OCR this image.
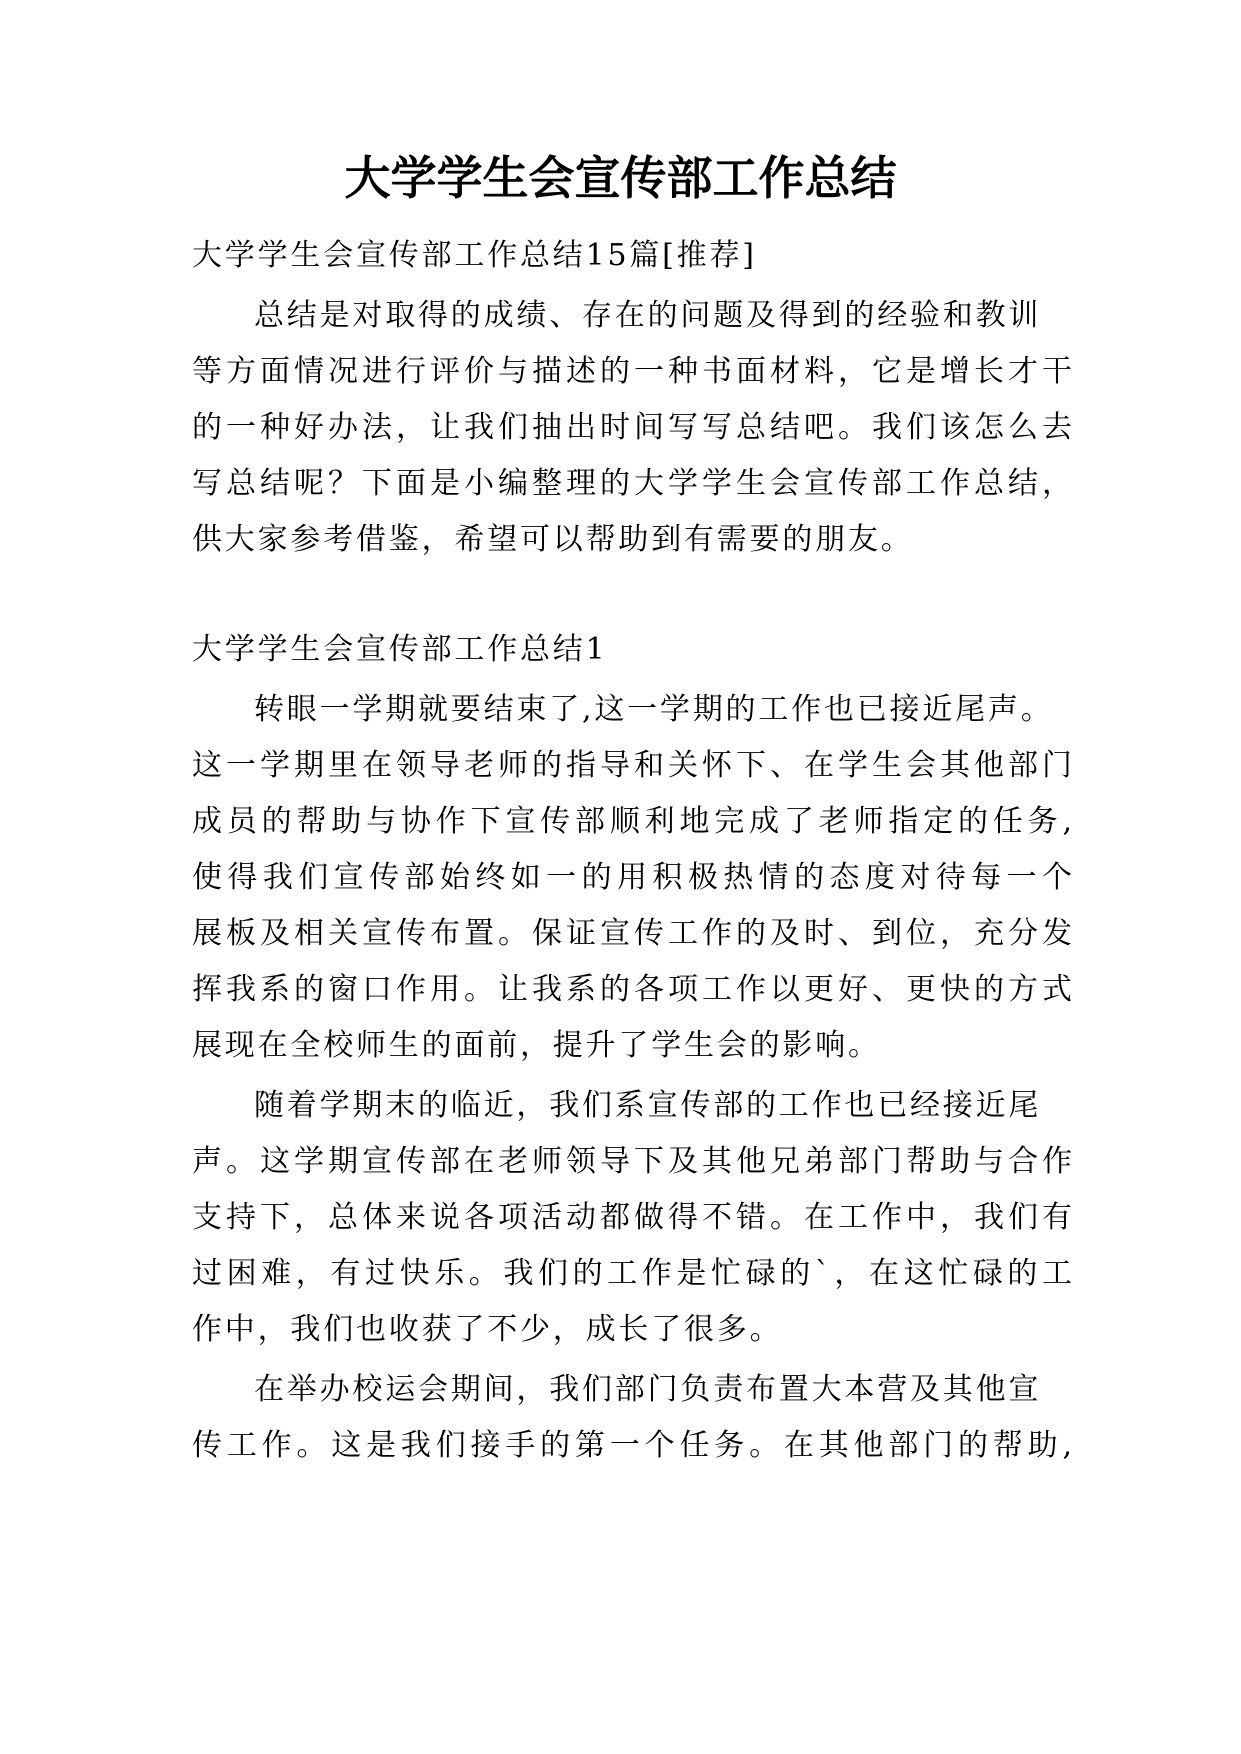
大学学生会宣传部工作总结

大学学生会宣传部工作总结15篇[推荐]

总结是对取得的成绩、存在的问题及得到的经验和教训

等方面情况进行评价与描述的一种书面材料，它是增长才干

的一种好办法，让我们抽出时间写写总结吧。我们该怎么去

写总结呢？下面是小编整理的大学学生会宣传部工作总结，

供大家参考借鉴，希望可以帮助到有需要的朋友。

大学学生会宣传部工作总结1

转眼一学期就要结束了,这一学期的工作也已接近尾声。

这一学期里在领导老师的指导和关怀下、在学生会其他部门

成员的帮助与协作下宣传部顺利地完成了老师指定的任务,

使得我们宣传部始终如一的用积极热情的态度对待每一个

展板及相关宣传布置。保证宣传工作的及时、到位，充分发

挥我系的窗口作用。让我系的各项工作以更好、更快的方式

展现在全校师生的面前，提升了学生会的影响。

随着学期末的临近，我们系宣传部的工作也已经接近尾

声。这学期宣传部在老师领导下及其他兄弟部门帮助与合作

支持下，总体来说各项活动都做得不错。在工作中，我们有

过困难，有过快乐。我们的工作是忙碌的`，在这忙碌的工

作中，我们也收获了不少，成长了很多。

在举办校运会期间，我们部门负责布置大本营及其他宣

传工作。这是我们接手的第一个任务。在其他部门的帮助,
